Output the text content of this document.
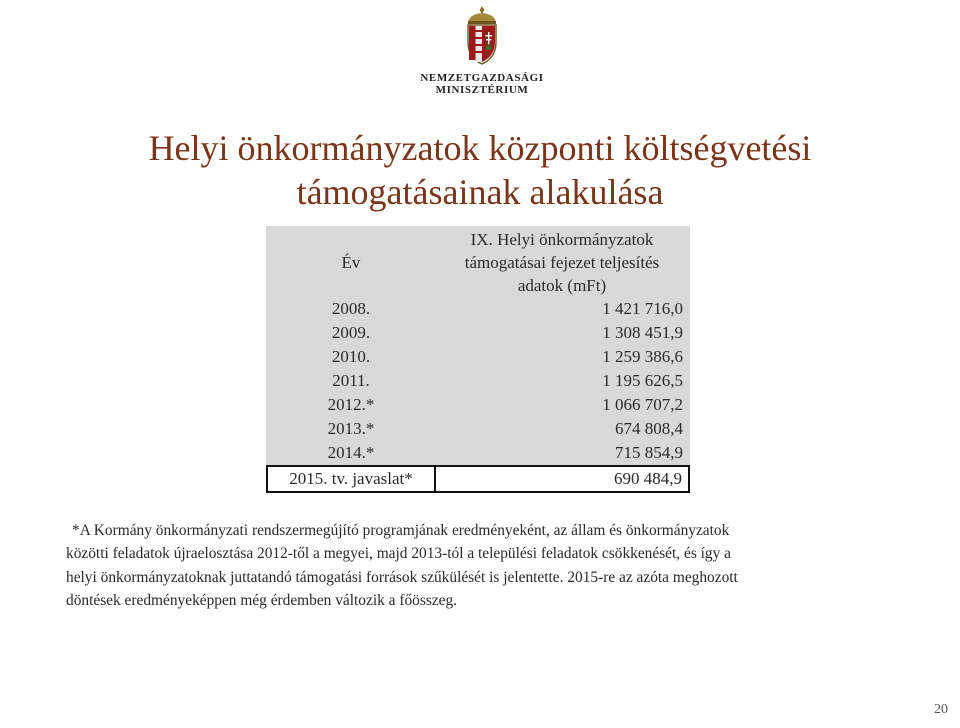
NEMZETGAZDASÁGI
MINISZTÉRIUM
Helyi önkormányzatok központi költségvetési
támogatásainak alakulása
Év	IX. Helyi önkormányzatok
támogatásai fejezet teljesítés
adatok (mFt)
2008.	1 421 716,0
2009.	1 308 451,9
2010.	1 259 386,6
2011.	1 195 626,5
2012.*	1 066 707,2
2013.*	674 808,4
2014.*	715 854,9
2015. tv. javaslat*	690 484,9

*A Kormány önkormányzati rendszermegújító programjának eredményeként, az állam és önkormányzatok
közötti feladatok újraelosztása 2012-től a megyei, majd 2013-tól a települési feladatok csökkenését, és így a
helyi önkormányzatoknak juttatandó támogatási források szűkülését is jelentette. 2015-re az azóta meghozott
döntések eredményeképpen még érdemben változik a főösszeg.

20
